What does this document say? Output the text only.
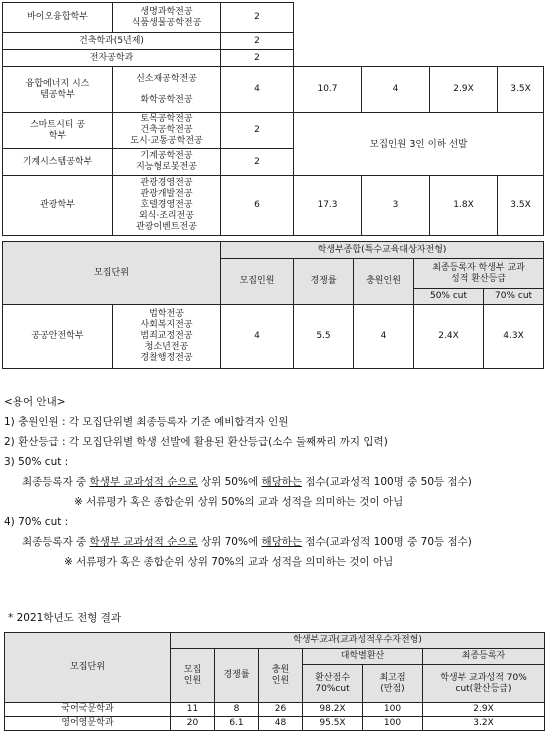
바이오융합학부	생명과학전공
식품생물공학전공	2				
건축학과(5년제)		2				
전자공학과		2				
융합에너지 시스템공학부	신소재공학전공
화학공학전공	4	10.7	4	2.9X	3.5X
스마트시티 공학부	토목공학전공
건축공학전공
도시·교통공학전공	2	모집인원 3인 이하 선발			
기계시스템공학부	기계공학전공
지능형로봇전공	2				
관광학부	관광경영전공
관광개발전공
호텔경영전공
외식·조리전공
관광이벤트전공	6	17.3	3	1.8X	3.5X
모집단위		학생부종합(특수교육대상자전형)				
		모집인원	경쟁률	충원인원	최종등록자 학생부 교과성적 환산등급	
					50% cut	70% cut
공공안전학부	법학전공
사회복지전공
범죄교정전공
청소년전공
경찰행정전공	4	5.5	4	2.4X	4.3X
<용어 안내>
1) 충원인원 : 각 모집단위별 최종등록자 기준 예비합격자 인원
2) 환산등급 : 각 모집단위별 학생 선발에 활용된 환산등급(소수 둘째짜리 까지 입력)
3) 50% cut :
최종등록자 중 학생부 교과성적 순으로 상위 50%에 해당하는 점수(교과성적 100명 중 50등 점수)
※ 서류평가 혹은 종합순위 상위 50%의 교과 성적을 의미하는 것이 아님
4) 70% cut :
최종등록자 중 학생부 교과성적 순으로 상위 70%에 해당하는 점수(교과성적 100명 중 70등 점수)
※ 서류평가 혹은 종합순위 상위 70%의 교과 성적을 의미하는 것이 아님
* 2021학년도 전형 결과
모집단위	학생부교과(교과성적우수자전형)					
	모집인원	경쟁률	충원인원	대학별환산		최종등록자
				환산점수 70%cut	최고점 (만점)	학생부 교과성적 70% cut(환산등급)
국어국문학과	11	8	26	98.2X	100	2.9X
영어영문학과	20	6.1	48	95.5X	100	3.2X
